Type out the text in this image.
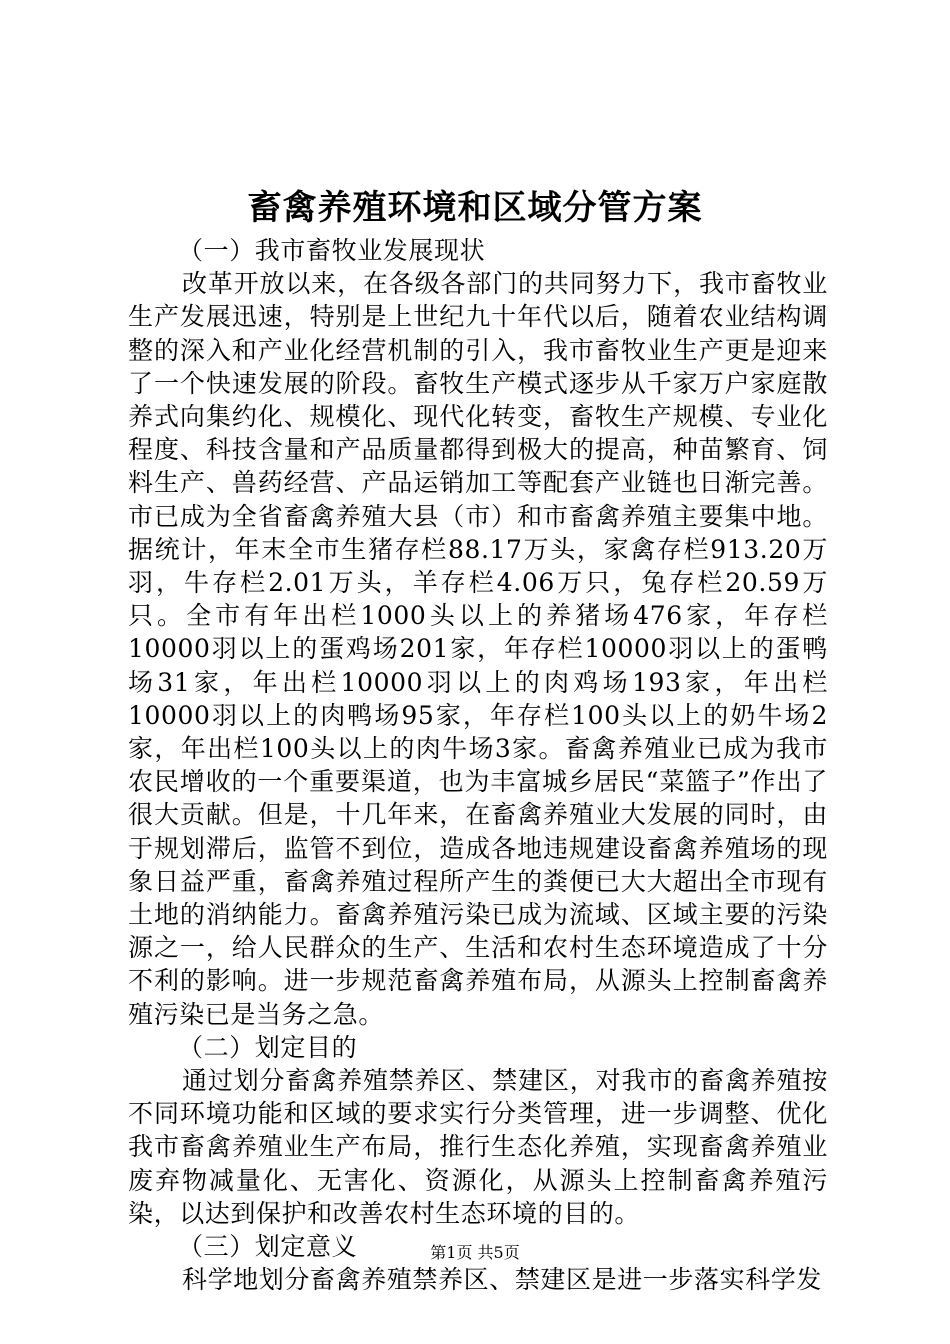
畜禽养殖环境和区域分管方案

（一）我市畜牧业发展现状

改革开放以来，在各级各部门的共同努力下，我市畜牧业生产发展迅速，特别是上世纪九十年代以后，随着农业结构调整的深入和产业化经营机制的引入，我市畜牧业生产更是迎来了一个快速发展的阶段。畜牧生产模式逐步从千家万户家庭散养式向集约化、规模化、现代化转变，畜牧生产规模、专业化程度、科技含量和产品质量都得到极大的提高，种苗繁育、饲料生产、兽药经营、产品运销加工等配套产业链也日渐完善。市已成为全省畜禽养殖大县（市）和市畜禽养殖主要集中地。据统计，年末全市生猪存栏88.17万头，家禽存栏913.20万羽，牛存栏2.01万头，羊存栏4.06万只，兔存栏20.59万只。全市有年出栏1000头以上的养猪场476家，年存栏10000羽以上的蛋鸡场201家，年存栏10000羽以上的蛋鸭场31家，年出栏10000羽以上的肉鸡场193家，年出栏10000羽以上的肉鸭场95家，年存栏100头以上的奶牛场2家，年出栏100头以上的肉牛场3家。畜禽养殖业已成为我市农民增收的一个重要渠道，也为丰富城乡居民“菜篮子”作出了很大贡献。但是，十几年来，在畜禽养殖业大发展的同时，由于规划滞后，监管不到位，造成各地违规建设畜禽养殖场的现象日益严重，畜禽养殖过程所产生的粪便已大大超出全市现有土地的消纳能力。畜禽养殖污染已成为流域、区域主要的污染源之一，给人民群众的生产、生活和农村生态环境造成了十分不利的影响。进一步规范畜禽养殖布局，从源头上控制畜禽养殖污染已是当务之急。

（二）划定目的

通过划分畜禽养殖禁养区、禁建区，对我市的畜禽养殖按不同环境功能和区域的要求实行分类管理，进一步调整、优化我市畜禽养殖业生产布局，推行生态化养殖，实现畜禽养殖业废弃物减量化、无害化、资源化，从源头上控制畜禽养殖污染，以达到保护和改善农村生态环境的目的。

（三）划定意义

科学地划分畜禽养殖禁养区、禁建区是进一步落实科学发

第1页 共5页
